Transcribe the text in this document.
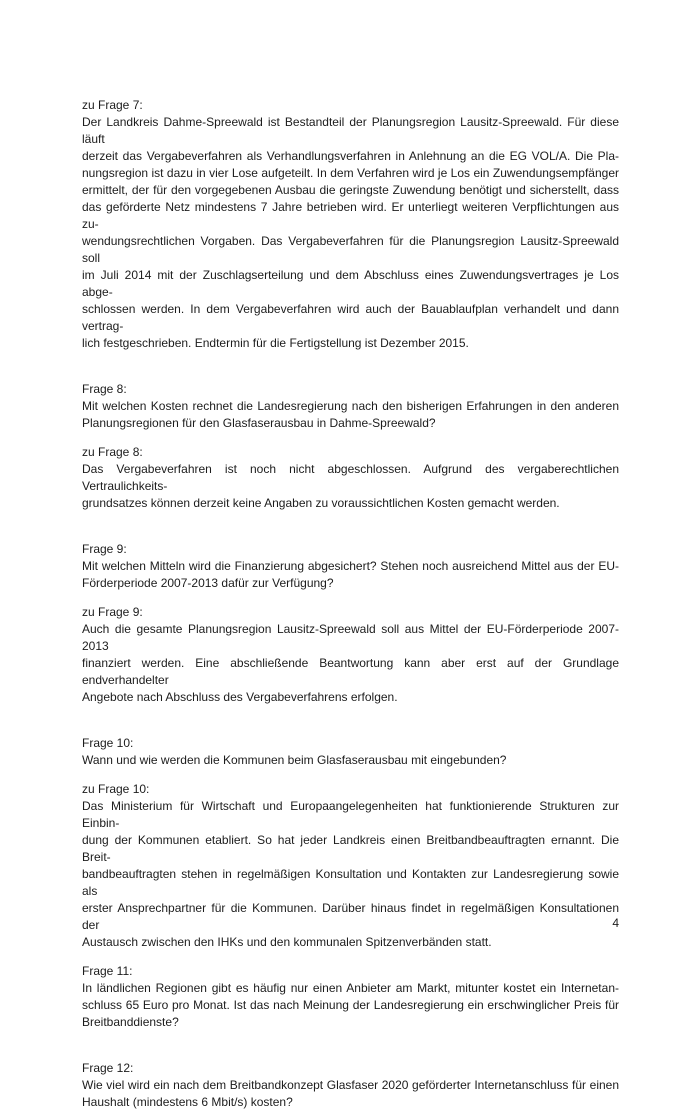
zu Frage 7:
Der Landkreis Dahme-Spreewald ist Bestandteil der Planungsregion Lausitz-Spreewald. Für diese läuft
derzeit das Vergabeverfahren als Verhandlungsverfahren in Anlehnung an die EG VOL/A. Die Pla-
nungsregion ist dazu in vier Lose aufgeteilt. In dem Verfahren wird je Los ein Zuwendungsempfänger
ermittelt, der für den vorgegebenen Ausbau die geringste Zuwendung benötigt und sicherstellt, dass
das geförderte Netz mindestens 7 Jahre betrieben wird. Er unterliegt weiteren Verpflichtungen aus zu-
wendungsrechtlichen Vorgaben. Das Vergabeverfahren für die Planungsregion Lausitz-Spreewald soll
im Juli 2014 mit der Zuschlagserteilung und dem Abschluss eines Zuwendungsvertrages je Los abge-
schlossen werden. In dem Vergabeverfahren wird auch der Bauablaufplan verhandelt und dann vertrag-
lich festgeschrieben. Endtermin für die Fertigstellung ist Dezember 2015.
Frage 8:
Mit welchen Kosten rechnet die Landesregierung nach den bisherigen Erfahrungen in den anderen
Planungsregionen für den Glasfaserausbau in Dahme-Spreewald?
zu Frage 8:
Das Vergabeverfahren ist noch nicht abgeschlossen. Aufgrund des vergaberechtlichen Vertraulichkeits-
grundsatzes können derzeit keine Angaben zu voraussichtlichen Kosten gemacht werden.
Frage 9:
Mit welchen Mitteln wird die Finanzierung abgesichert? Stehen noch ausreichend Mittel aus der EU-
Förderperiode 2007-2013 dafür zur Verfügung?
zu Frage 9:
Auch die gesamte Planungsregion Lausitz-Spreewald soll aus Mittel der EU-Förderperiode 2007-2013
finanziert werden. Eine abschließende Beantwortung kann aber erst auf der Grundlage endverhandelter
Angebote nach Abschluss des Vergabeverfahrens erfolgen.
Frage 10:
Wann und wie werden die Kommunen beim Glasfaserausbau mit eingebunden?
zu Frage 10:
Das Ministerium für Wirtschaft und Europaangelegenheiten hat funktionierende Strukturen zur Einbin-
dung der Kommunen etabliert. So hat jeder Landkreis einen Breitbandbeauftragten ernannt. Die Breit-
bandbeauftragten stehen in regelmäßigen Konsultation und Kontakten zur Landesregierung sowie als
erster Ansprechpartner für die Kommunen. Darüber hinaus findet in regelmäßigen Konsultationen der
Austausch zwischen den IHKs und den kommunalen Spitzenverbänden statt.
Frage 11:
In ländlichen Regionen gibt es häufig nur einen Anbieter am Markt, mitunter kostet ein Internetan-
schluss 65 Euro pro Monat. Ist das nach Meinung der Landesregierung ein erschwinglicher Preis für
Breitbanddienste?
Frage 12:
Wie viel wird ein nach dem Breitbandkonzept Glasfaser 2020 geförderter Internetanschluss für einen
Haushalt (mindestens 6 Mbit/s) kosten?
4
